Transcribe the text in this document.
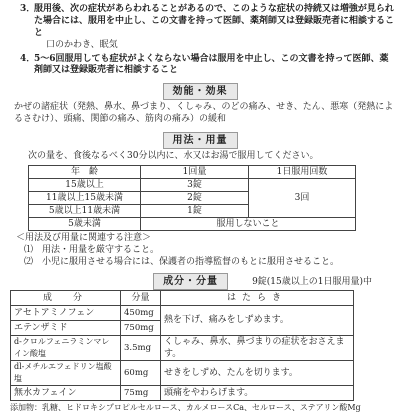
3．
服用後、次の症状があらわれることがあるので、このような症状の持続又は増強が見られた場合には、服用を中止し、この文書を持って医師、薬剤師又は登録販売者に相談すること
口のかわき、眠気
4．
5～6回服用しても症状がよくならない場合は服用を中止し、この文書を持って医師、薬剤師又は登録販売者に相談すること
効能・効果
かぜの諸症状（発熱、鼻水、鼻づまり、くしゃみ、のどの痛み、せき、たん、悪寒（発熱によるさむけ）、頭痛、関節の痛み、筋肉の痛み）の緩和
用法・用量
次の量を、食後なるべく30分以内に、水又はお湯で服用してください。
年　齢	1回量	1日服用回数
15歳以上	3錠	3回
11歳以上15歳未満	2錠	
5歳以上11歳未満	1錠	
5歳未満	服用しないこと	
＜用法及び用量に関連する注意＞
⑴　用法・用量を厳守すること。
⑵　小児に服用させる場合には、保護者の指導監督のもとに服用させること。
成分・分量	9錠(15歳以上の1日服用量)中
成　分	分量	はたらき
アセトアミノフェン	450mg	熱を下げ、痛みをしずめます。
エテンザミド	750mg	
d-クロルフェニラミンマレイン酸塩	3.5mg	くしゃみ、鼻水、鼻づまりの症状をおさえます。
dl-メチルエフェドリン塩酸塩	60mg	せきをしずめ、たんを切ります。
無水カフェイン	75mg	頭痛をやわらげます。
添加物：乳糖、ヒドロキシプロピルセルロース、カルメロースCa、セルロース、ステアリン酸Mg
